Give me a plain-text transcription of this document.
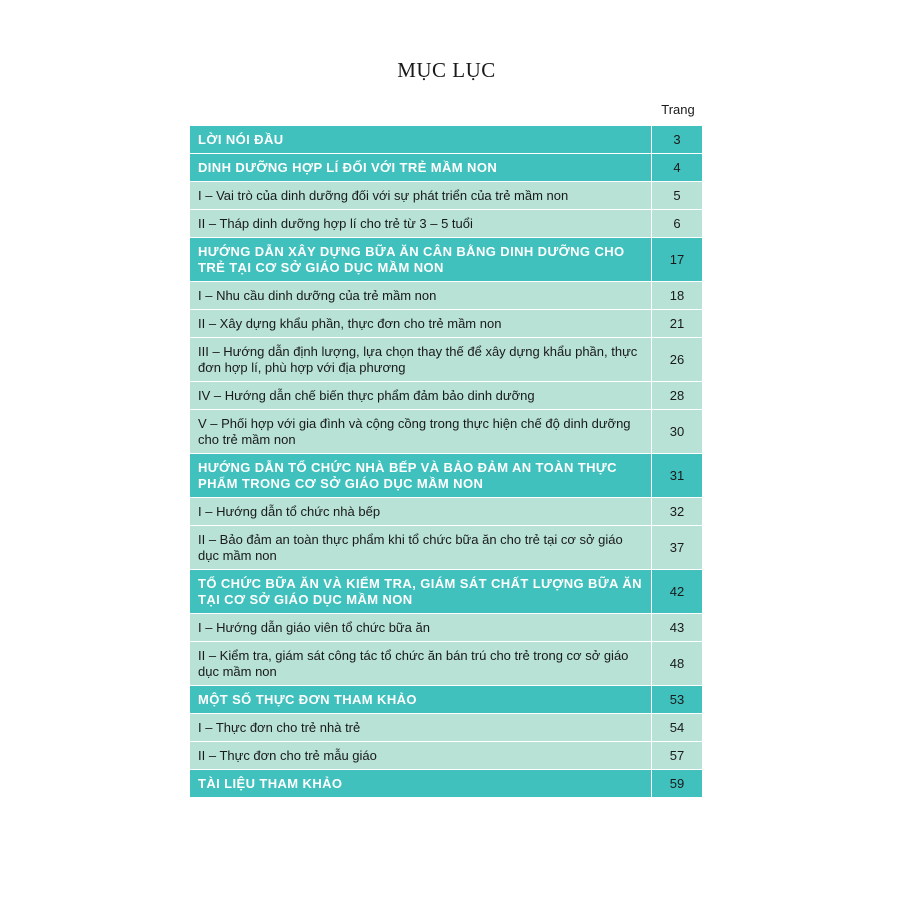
MỤC LỤC
Trang
LỜI NÓI ĐẦU	3
DINH DƯỠNG HỢP LÍ ĐỐI VỚI TRẺ MẦM NON	4
I – Vai trò của dinh dưỡng đối với sự phát triển của trẻ mầm non	5
II – Tháp dinh dưỡng hợp lí cho trẻ từ 3 – 5 tuổi	6
HƯỚNG DẪN XÂY DỰNG BỮA ĂN CÂN BẰNG DINH DƯỠNG CHO TRẺ TẠI CƠ SỞ GIÁO DỤC MẦM NON	17
I – Nhu cầu dinh dưỡng của trẻ mầm non	18
II – Xây dựng khẩu phần, thực đơn cho trẻ mầm non	21
III – Hướng dẫn định lượng, lựa chọn thay thế để xây dựng khẩu phần, thực đơn hợp lí, phù hợp với địa phương	26
IV – Hướng dẫn chế biến thực phẩm đảm bảo dinh dưỡng	28
V – Phối hợp với gia đình và cộng cồng trong thực hiện chế độ dinh dưỡng cho trẻ mầm non	30
HƯỚNG DẪN TỔ CHỨC NHÀ BẾP VÀ BẢO ĐẢM AN TOÀN THỰC PHẨM TRONG CƠ SỞ GIÁO DỤC MẦM NON	31
I – Hướng dẫn tổ chức nhà bếp	32
II – Bảo đảm an toàn thực phẩm khi tổ chức bữa ăn cho trẻ tại cơ sở giáo dục mầm non	37
TỔ CHỨC BỮA ĂN VÀ KIỂM TRA, GIÁM SÁT CHẤT LƯỢNG BỮA ĂN TẠI CƠ SỞ GIÁO DỤC MẦM NON	42
I – Hướng dẫn giáo viên tổ chức bữa ăn	43
II – Kiểm tra, giám sát công tác tổ chức ăn bán trú cho trẻ trong cơ sở giáo dục mầm non	48
MỘT SỐ THỰC ĐƠN THAM KHẢO	53
I – Thực đơn cho trẻ nhà trẻ	54
II – Thực đơn cho trẻ mẫu giáo	57
TÀI LIỆU THAM KHẢO	59
